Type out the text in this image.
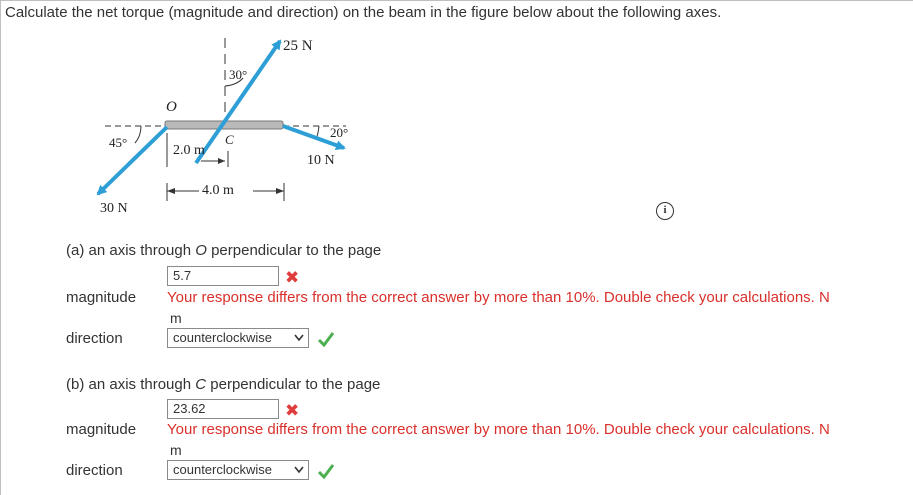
Calculate the net torque (magnitude and direction) on the beam in the figure below about the following axes.
25 N
30°
O
C
45°
2.0 m
20°
10 N
4.0 m
30 N	i
(a) an axis through O perpendicular to the page
5.7	✖
magnitude Your response differs from the correct answer by more than 10%. Double check your calculations. N
m
direction	counterclockwise
(b) an axis through C perpendicular to the page
23.62	✖
magnitude Your response differs from the correct answer by more than 10%. Double check your calculations. N
m
direction	counterclockwise
